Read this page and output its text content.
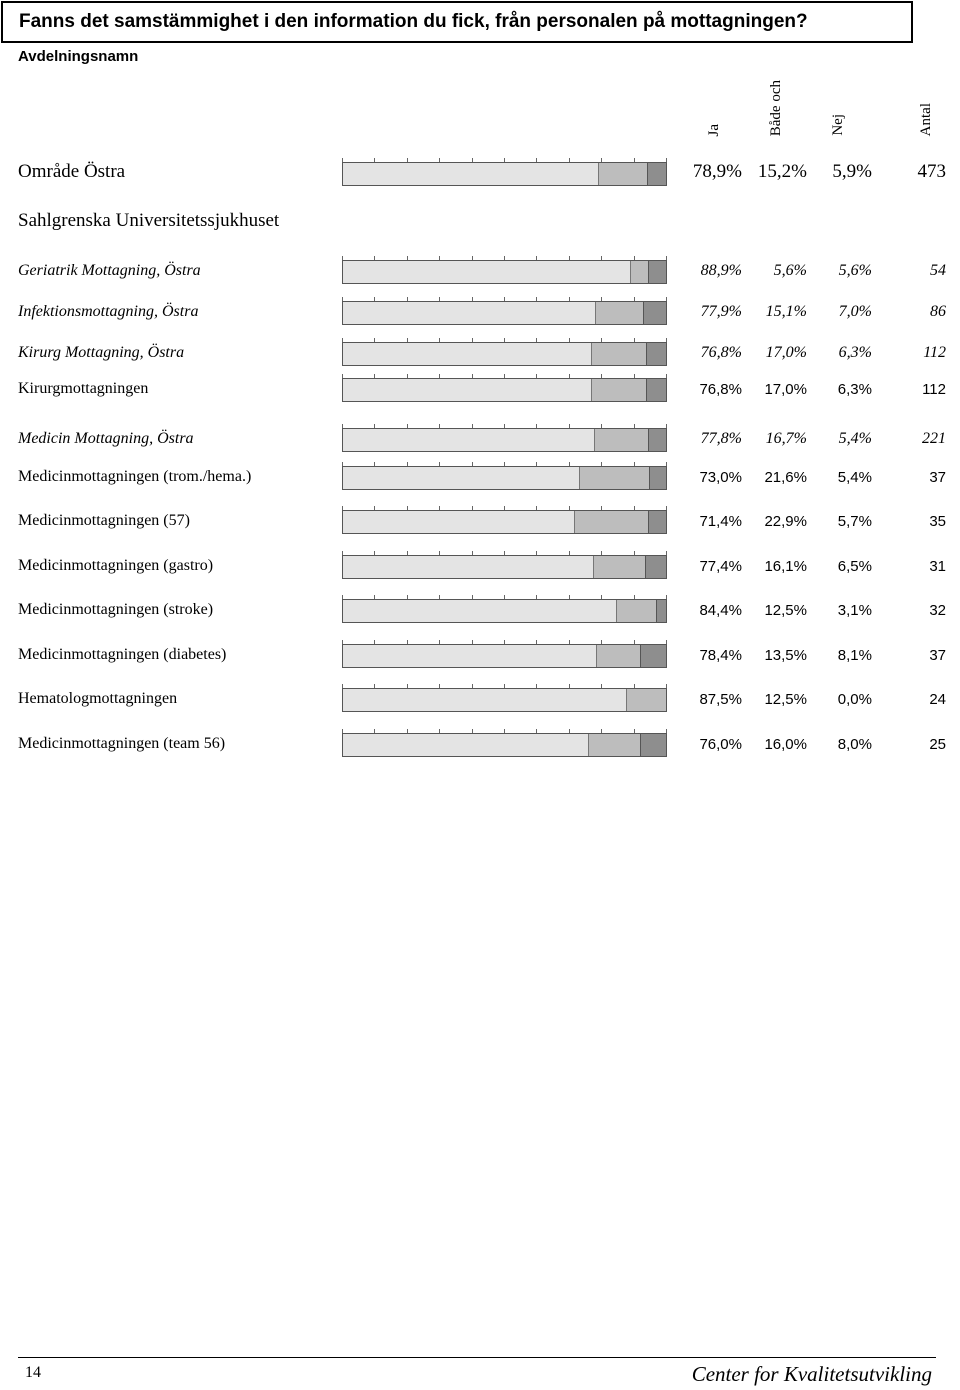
Fanns det samstämmighet i den information du fick, från personalen på mottagningen?
Avdelningsnamn
Ja	Både och	Nej	Antal
Område Östra	78,9% 15,2%	5,9%	473
Sahlgrenska Universitetssjukhuset
Geriatrik Mottagning, Östra	88,9%	5,6%	5,6%	54
Infektionsmottagning, Östra	77,9%	15,1%	7,0%	86
Kirurg Mottagning, Östra	76,8%	17,0%	6,3%	112
Kirurgmottagningen	76,8%	17,0%	6,3%	112
Medicin Mottagning, Östra	77,8%	16,7%	5,4%	221
Medicinmottagningen (trom./hema.)	73,0%	21,6%	5,4%	37
Medicinmottagningen (57)	71,4%	22,9%	5,7%	35
Medicinmottagningen (gastro)	77,4%	16,1%	6,5%	31
Medicinmottagningen (stroke)	84,4%	12,5%	3,1%	32
Medicinmottagningen (diabetes)	78,4%	13,5%	8,1%	37
Hematologmottagningen	87,5%	12,5%	0,0%	24
Medicinmottagningen (team 56)	76,0%	16,0%	8,0%	25
14	Center for Kvalitetsutvikling
